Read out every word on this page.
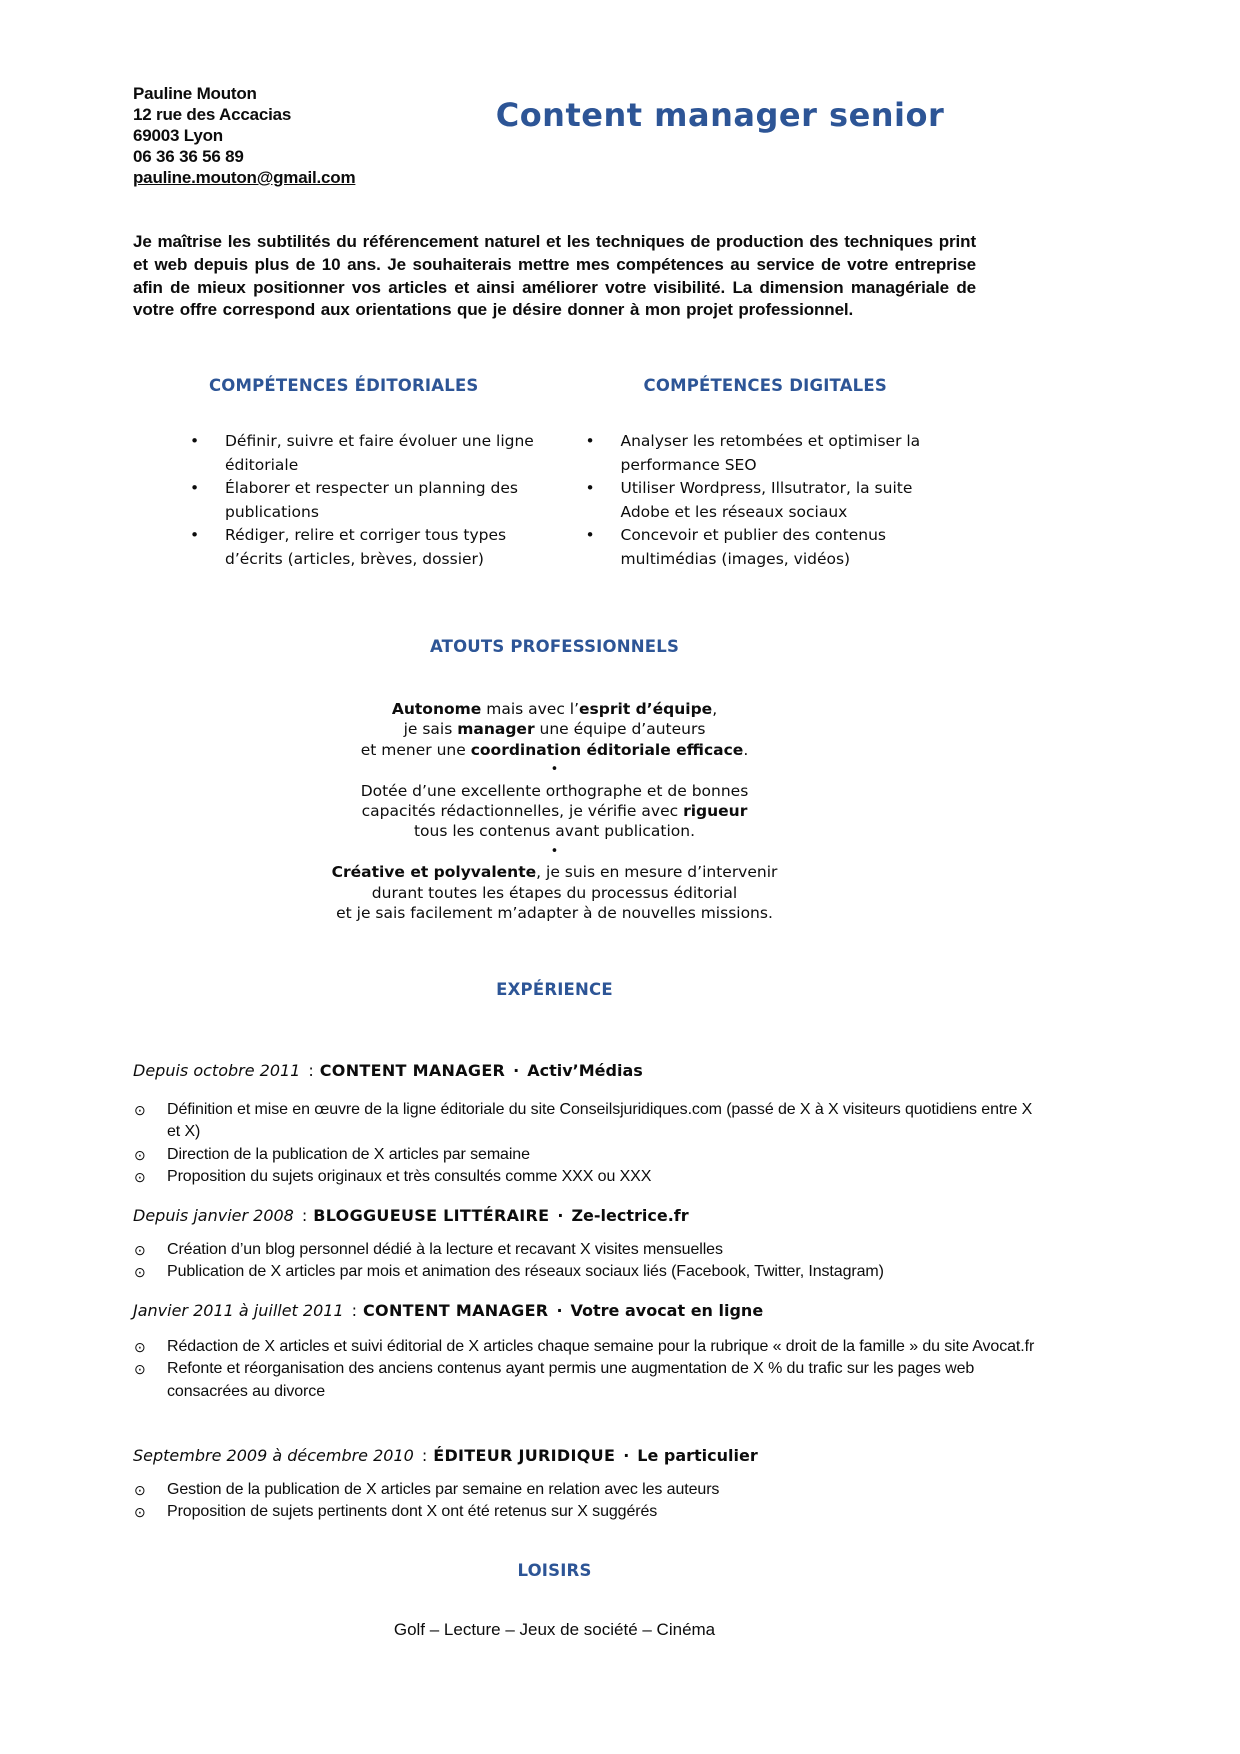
Pauline Mouton
12 rue des Accacias
69003 Lyon
06 36 36 56 89
pauline.mouton@gmail.com
Content manager senior

Je maîtrise les subtilités du référencement naturel et les techniques de production des techniques print et web depuis plus de 10 ans. Je souhaiterais mettre mes compétences au service de votre entreprise afin de mieux positionner vos articles et ainsi améliorer votre visibilité. La dimension managériale de votre offre correspond aux orientations que je désire donner à mon projet professionnel.

COMPÉTENCES ÉDITORIALES
•	Définir, suivre et faire évoluer une ligne éditoriale
•	Élaborer et respecter un planning des publications
•	Rédiger, relire et corriger tous types d’écrits (articles, brèves, dossier)
COMPÉTENCES DIGITALES
•	Analyser les retombées et optimiser la performance SEO
•	Utiliser Wordpress, Illsutrator, la suite Adobe et les réseaux sociaux
•	Concevoir et publier des contenus multimédias (images, vidéos)
ATOUTS PROFESSIONNELS
Autonome mais avec l’esprit d’équipe,
je sais manager une équipe d’auteurs
et mener une coordination éditoriale efficace.
•
Dotée d’une excellente orthographe et de bonnes
capacités rédactionnelles, je vérifie avec rigueur
tous les contenus avant publication.
•
Créative et polyvalente, je suis en mesure d’intervenir
durant toutes les étapes du processus éditorial
et je sais facilement m’adapter à de nouvelles missions.
EXPÉRIENCE
Depuis octobre 2011 : CONTENT MANAGER · Activ’Médias
⊙	Définition et mise en œuvre de la ligne éditoriale du site Conseilsjuridiques.com (passé de X à X visiteurs quotidiens entre X et X)
⊙	Direction de la publication de X articles par semaine
⊙	Proposition du sujets originaux et très consultés comme XXX ou XXX
Depuis janvier 2008 : BLOGGUEUSE LITTÉRAIRE · Ze-lectrice.fr
⊙	Création d’un blog personnel dédié à la lecture et recavant X visites mensuelles
⊙	Publication de X articles par mois et animation des réseaux sociaux liés (Facebook, Twitter, Instagram)
Janvier 2011 à juillet 2011 : CONTENT MANAGER · Votre avocat en ligne
⊙	Rédaction de X articles et suivi éditorial de X articles chaque semaine pour la rubrique « droit de la famille » du site Avocat.fr
⊙	Refonte et réorganisation des anciens contenus ayant permis une augmentation de X % du trafic sur les pages web consacrées au divorce
Septembre 2009 à décembre 2010 : ÉDITEUR JURIDIQUE · Le particulier
⊙	Gestion de la publication de X articles par semaine en relation avec les auteurs
⊙	Proposition de sujets pertinents dont X ont été retenus sur X suggérés
LOISIRS
Golf – Lecture – Jeux de société – Cinéma
